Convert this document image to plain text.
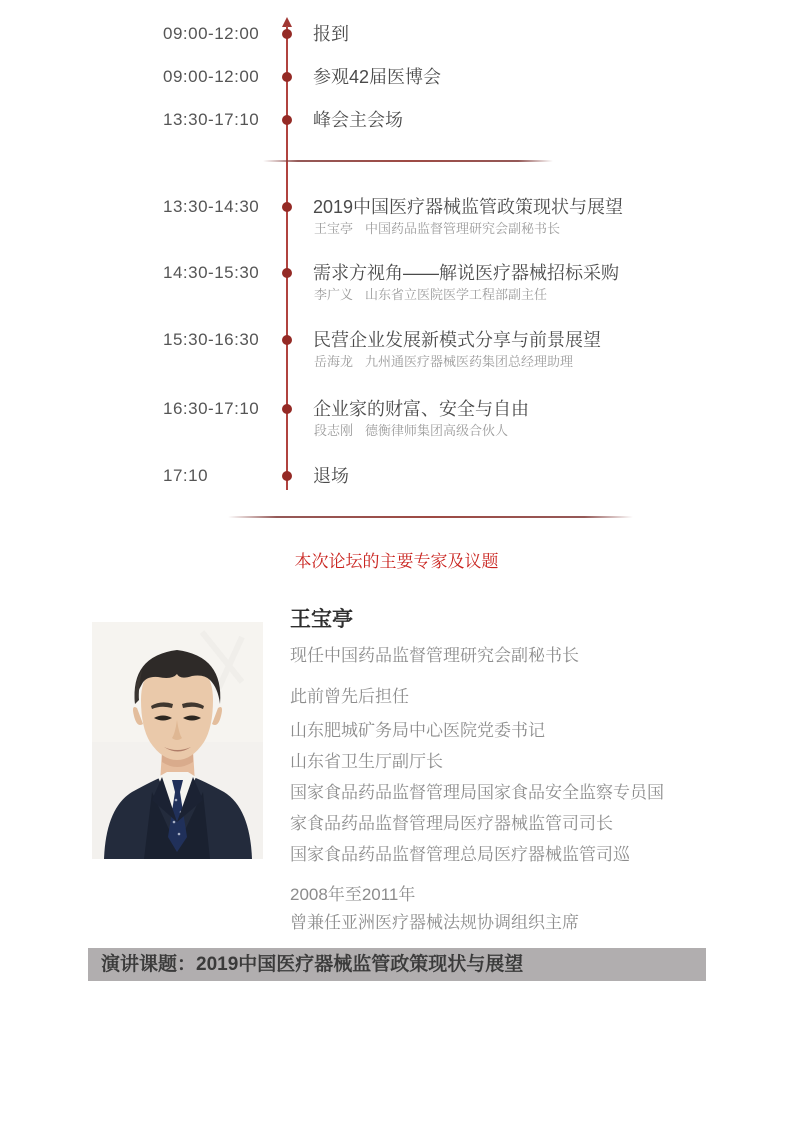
09:00-12:00	报到
09:00-12:00	参观42届医博会
13:30-17:10	峰会主会场
13:30-14:30	2019中国医疗器械监管政策现状与展望
王宝亭 中国药品监督管理研究会副秘书长
14:30-15:30	需求方视角——解说医疗器械招标采购
李广义 山东省立医院医学工程部副主任
15:30-16:30	民营企业发展新模式分享与前景展望
岳海龙 九州通医疗器械医药集团总经理助理
16:30-17:10	企业家的财富、安全与自由
段志刚 德衡律师集团高级合伙人
17:10	退场
本次论坛的主要专家及议题
王宝亭
现任中国药品监督管理研究会副秘书长
此前曾先后担任
山东肥城矿务局中心医院党委书记
山东省卫生厅副厅长
国家食品药品监督管理局国家食品安全监察专员国
家食品药品监督管理局医疗器械监管司司长
国家食品药品监督管理总局医疗器械监管司巡
2008年至2011年
曾兼任亚洲医疗器械法规协调组织主席
演讲课题：2019中国医疗器械监管政策现状与展望
